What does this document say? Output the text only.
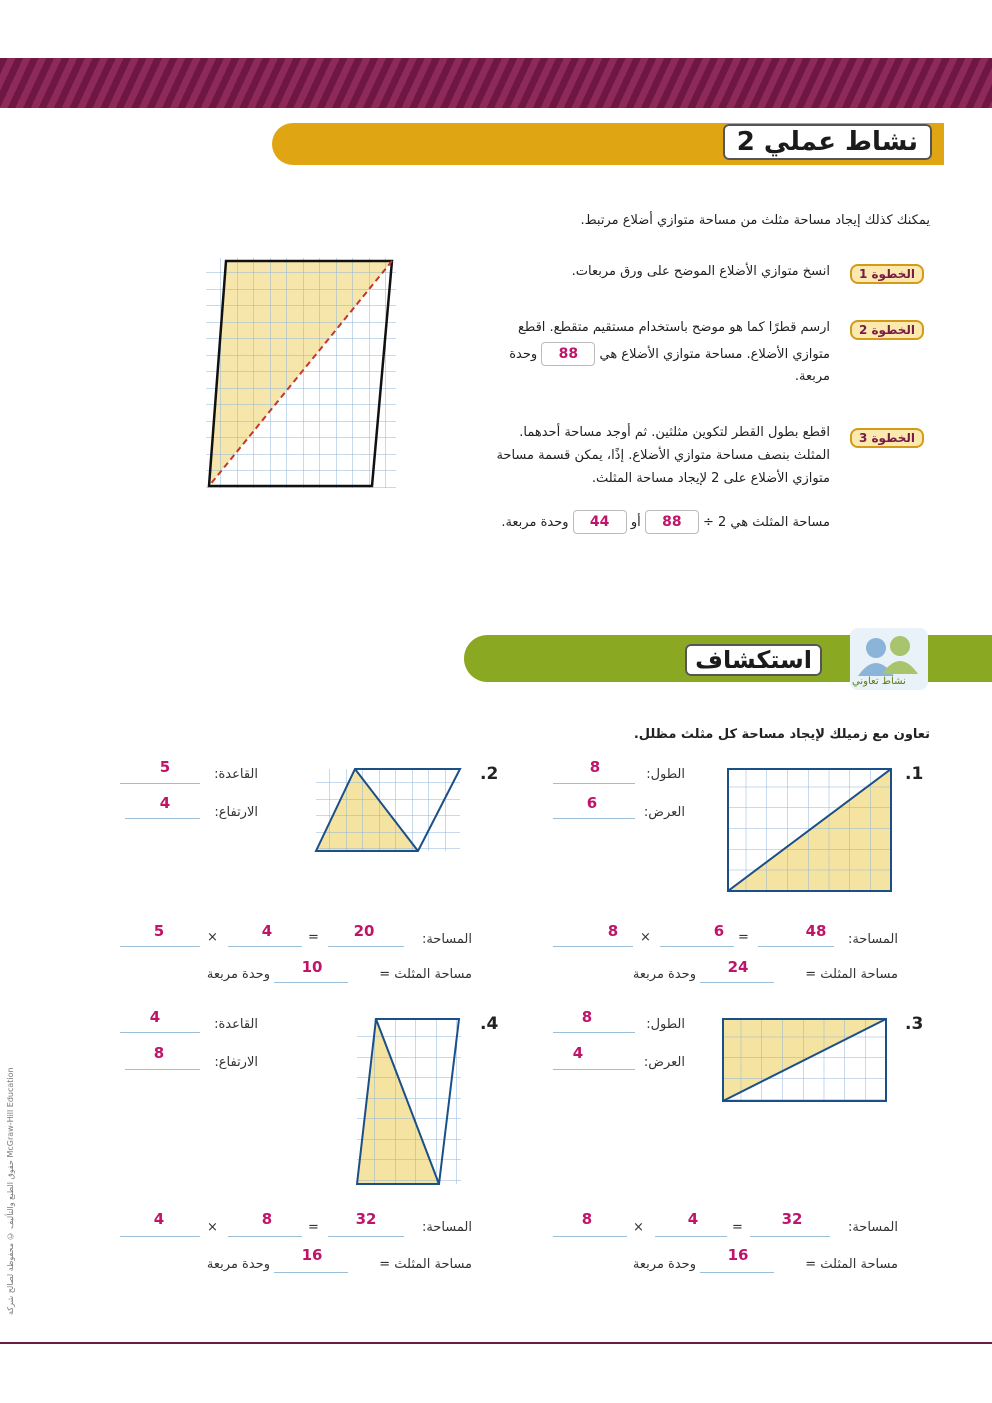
نشاط عملي 2
يمكنك كذلك إيجاد مساحة مثلث من مساحة متوازي أضلاع مرتبط.
الخطوة 1
انسخ متوازي الأضلاع الموضح على ورق مربعات.
الخطوة 2
ارسم قطرًا كما هو موضح باستخدام مستقيم متقطع. اقطع
متوازي الأضلاع. مساحة متوازي الأضلاع هي 88 وحدة
مربعة.
الخطوة 3
اقطع بطول القطر لتكوين مثلثين. ثم أوجد مساحة أحدهما.
المثلث بنصف مساحة متوازي الأضلاع. إذًا، يمكن قسمة مساحة
متوازي الأضلاع على 2 لإيجاد مساحة المثلث.
مساحة المثلث هي 2 ÷ 88 أو 44 وحدة مربعة.
نشاط تعاوني
استكشاف
تعاون مع زميلك لإيجاد مساحة كل مثلث مظلل.
.1
الطول:
8
العرض:
6
المساحة:
48
=
6
×
8
مساحة المثلث =
24
وحدة مربعة
.2
القاعدة:
5
الارتفاع:
4
المساحة:
20
=
4
×
5
مساحة المثلث =
10
وحدة مربعة
.3
الطول:
8
العرض:
4
المساحة:
32
=
4
×
8
مساحة المثلث =
16
وحدة مربعة
.4
القاعدة:
4
الارتفاع:
8
المساحة:
32
=
8
×
4
مساحة المثلث =
16
وحدة مربعة
حقوق الطبع والتأليف © محفوظة لصالح شركة McGraw-Hill Education
